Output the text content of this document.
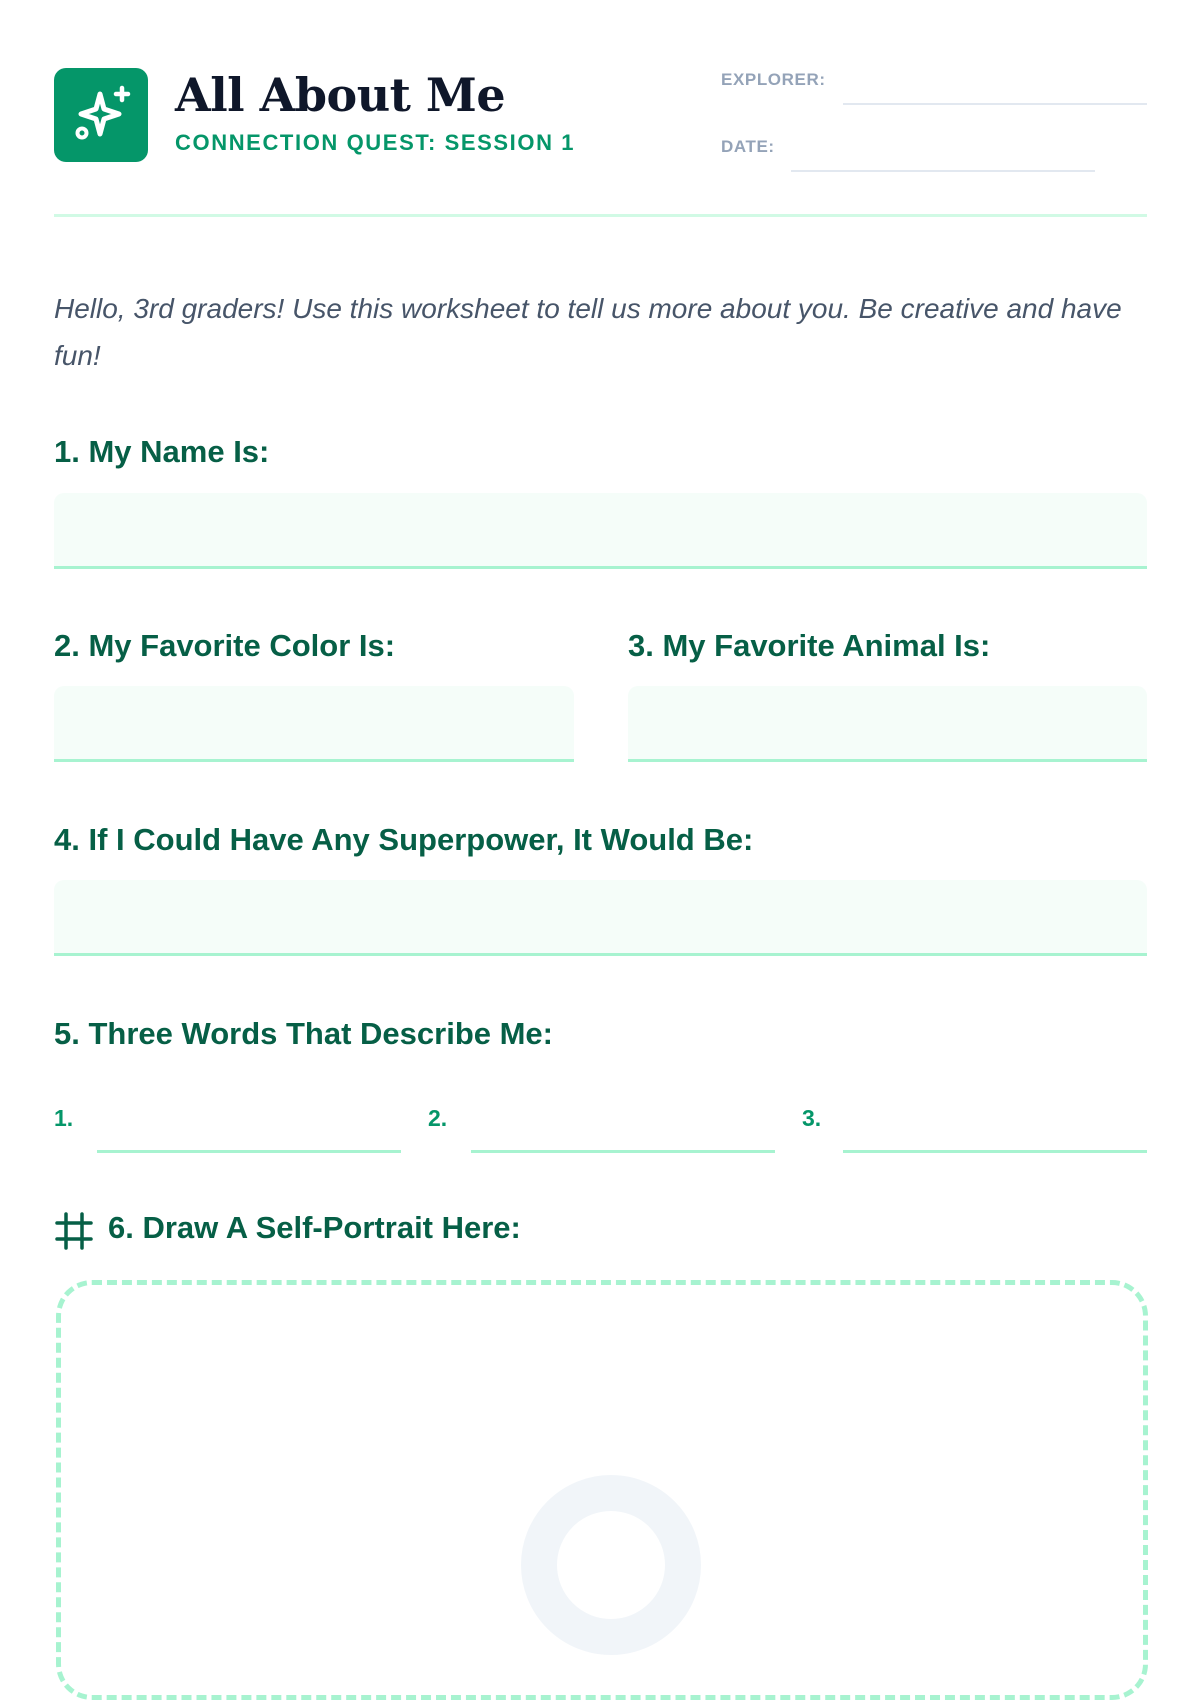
All About Me
CONNECTION QUEST: SESSION 1
EXPLORER:
DATE:
Hello, 3rd graders! Use this worksheet to tell us more about you. Be creative and have fun!
1. My Name Is:
2. My Favorite Color Is:	3. My Favorite Animal Is:
4. If I Could Have Any Superpower, It Would Be:
5. Three Words That Describe Me:
1.	2.	3.
6. Draw A Self-Portrait Here:
